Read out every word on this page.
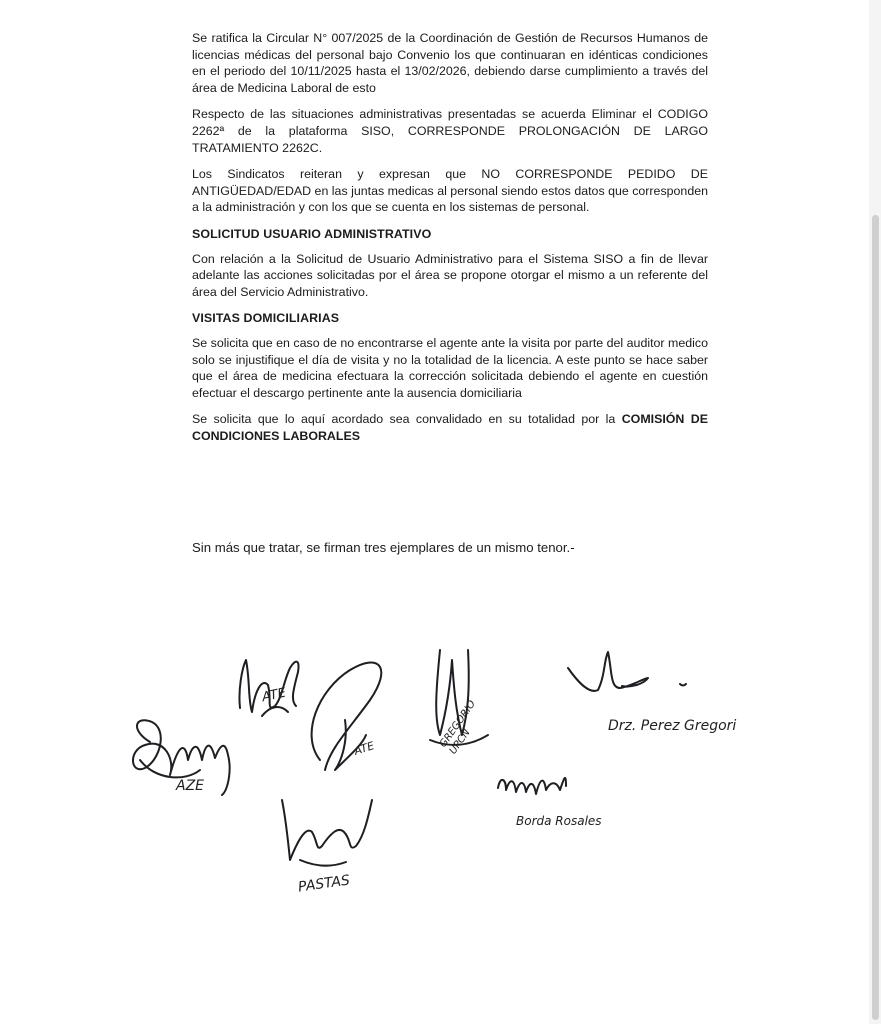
Se ratifica la Circular N° 007/2025 de la Coordinación de Gestión de Recursos Humanos de licencias médicas del personal bajo Convenio los que continuaran en idénticas condiciones en el periodo del 10/11/2025 hasta el 13/02/2026, debiendo darse cumplimiento a través del área de Medicina Laboral de esto

Respecto de las situaciones administrativas presentadas se acuerda Eliminar el CODIGO 2262ª de la plataforma SISO, CORRESPONDE PROLONGACIÓN DE LARGO TRATAMIENTO 2262C.

Los Sindicatos reiteran y expresan que NO CORRESPONDE PEDIDO DE ANTIGÜEDAD/EDAD en las juntas medicas al personal siendo estos datos que corresponden a la administración y con los que se cuenta en los sistemas de personal.

SOLICITUD USUARIO ADMINISTRATIVO

Con relación a la Solicitud de Usuario Administrativo para el Sistema SISO a fin de llevar adelante las acciones solicitadas por el área se propone otorgar el mismo a un referente del área del Servicio Administrativo.

VISITAS DOMICILIARIAS

Se solicita que en caso de no encontrarse el agente ante la visita por parte del auditor medico solo se injustifique el día de visita y no la totalidad de la licencia. A este punto se hace saber que el área de medicina efectuara la corrección solicitada debiendo el agente en cuestión efectuar el descargo pertinente ante la ausencia domiciliaria

Se solicita que lo aquí acordado sea convalidado en su totalidad por la COMISIÓN DE CONDICIONES LABORALES

Sin más que tratar, se firman tres ejemplares de un mismo tenor.-
AZE
ATE
ATE	GREGORIO UPCN
Drz. Perez Gregori
Borda Rosales
PASTAS
